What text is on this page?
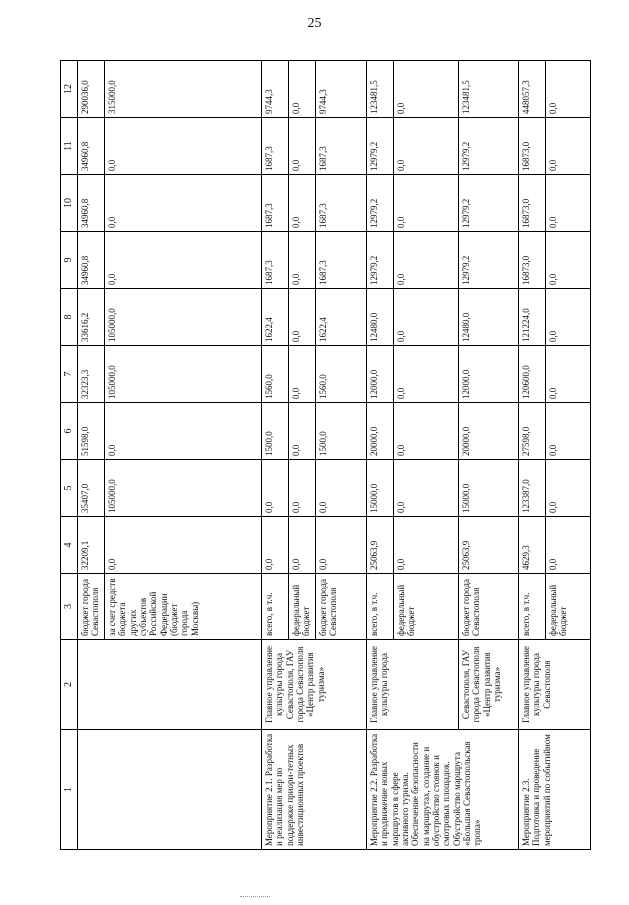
25
1	2	3	4	5	6	7	8	9	10	11	12
		бюджет города Севастополя	32209,1	35407,0	51598,0	32323,3	33616,2	34960,8	34960,8	34960,8	290036,0
		за счет средств бюджета других субъектов Российской Федерации (бюджет города Москвы)	0,0	105000,0	0,0	105000,0	105000,0	0,0	0,0	0,0	315000,0
Мероприятие 2.1. Разработка и реализация мер по поддержке приори-тетных инвестиционных проектов	Главное управление культуры города Севастополя, ГАУ города Севастополя «Центр развития туризма»	всего, в т.ч.	0,0	0,0	1500,0	1560,0	1622,4	1687,3	1687,3	1687,3	9744,3
		федеральный бюджет	0,0	0,0	0,0	0,0	0,0	0,0	0,0	0,0	0,0
		бюджет города Севастополя	0,0	0,0	1500,0	1560,0	1622,4	1687,3	1687,3	1687,3	9744,3
Мероприятие 2.2. Разработка и продвижение новых маршрутов в сфере активного туризма. Обеспечение безопасности на маршрутах, создание и обустройство стоянок и смотровых площадок. Обустройство маршрута «Большая Севастопольская тропа»	Главное управление культуры города	всего, в т.ч.	25063,9	15000,0	20000,0	12000,0	12480,0	12979,2	12979,2	12979,2	123481,5
		федеральный бюджет	0,0	0,0	0,0	0,0	0,0	0,0	0,0	0,0	0,0
	Севастополя, ГАУ города Севастополя «Центр развития туризма»	бюджет города Севастополя	25063,9	15000,0	20000,0	12000,0	12480,0	12979,2	12979,2	12979,2	123481,5
Мероприятие 2.3. Подготовка и проведение мероприятий по событийном	Главное управление культуры города Севастополя	всего, в т.ч.	4629,3	123387,0	27598,0	120600,0	121224,0	16873,0	16873,0	16873,0	448057,3
		федеральный бюджет	0,0	0,0	0,0	0,0	0,0	0,0	0,0	0,0	0,0
